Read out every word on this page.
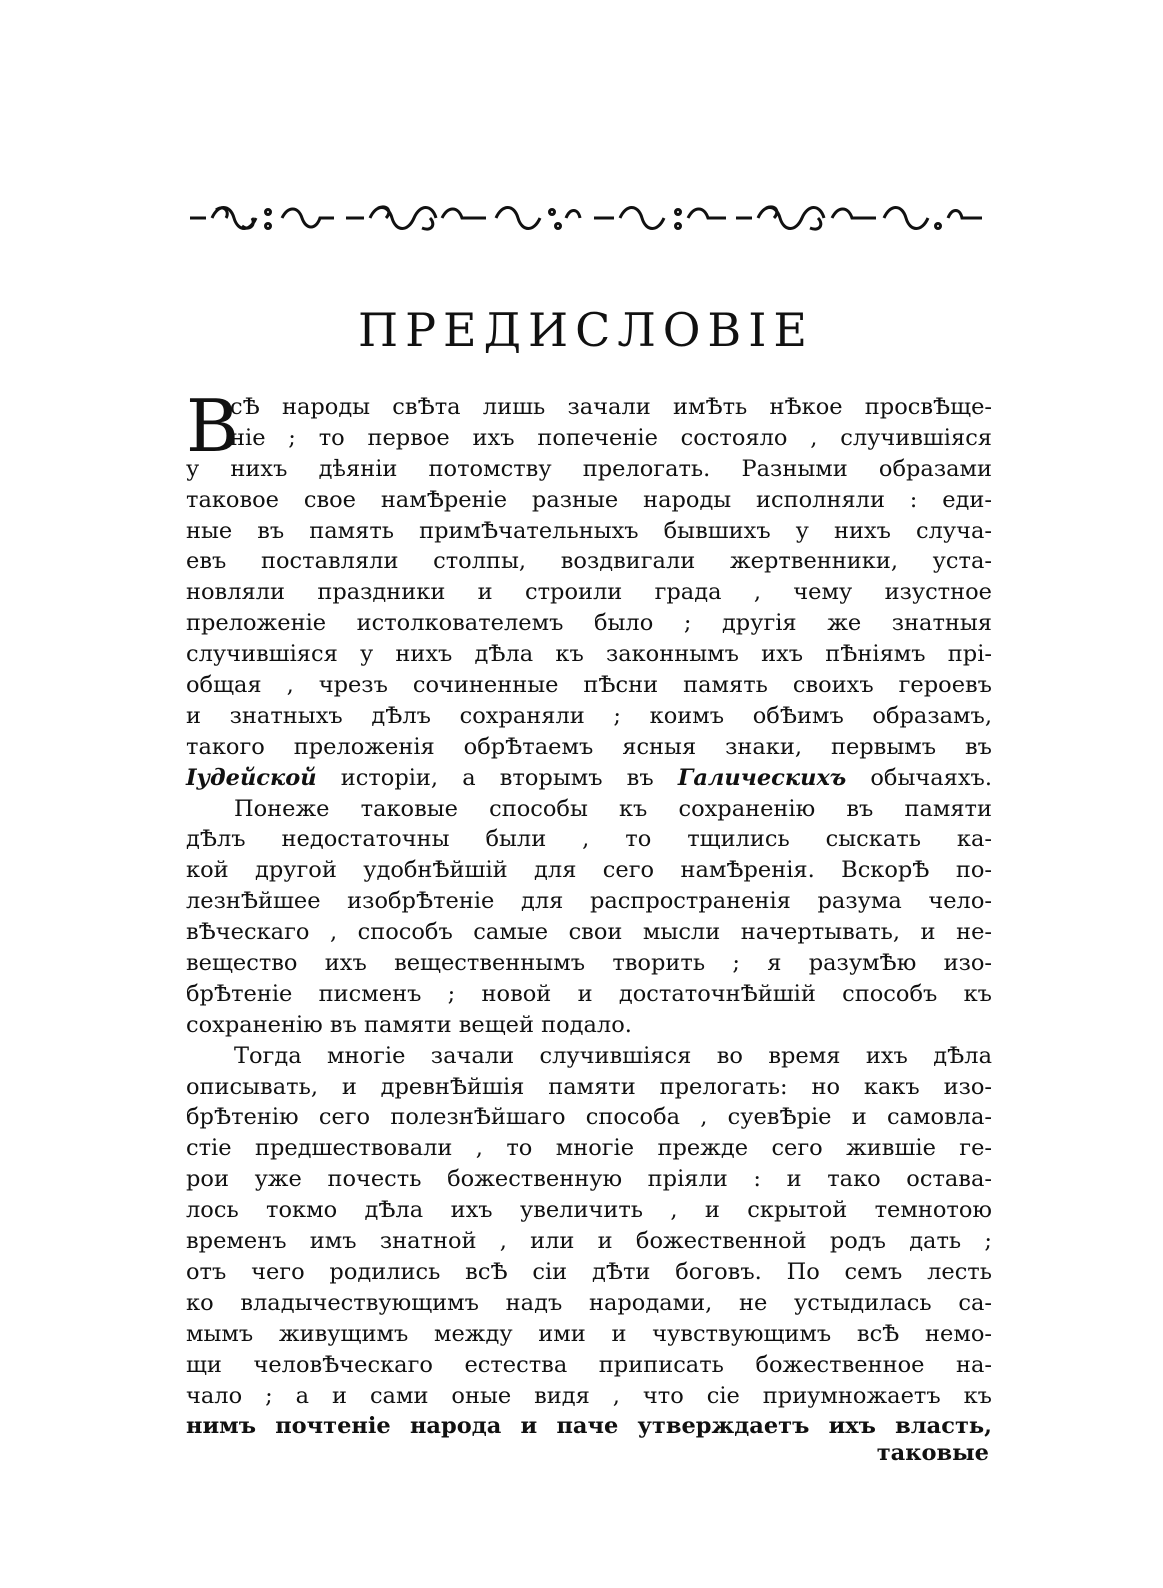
ПРЕДИСЛОВІЕ
В
cѢ народы свѢта лишь зачали имѢть нѢкое просвѢще-
ніе ; то первое ихъ попеченіе состояло , случившіяся
у нихъ дѣяніи потомству прелогать. Разными образами
таковое свое намѢреніе разные народы исполняли : еди-
ные въ память примѢчательныхъ бывшихъ у нихъ случа-
евъ поставляли столпы, воздвигали жертвенники, уста-
новляли праздники и строили града , чему изустное
преложеніе истолкователемъ было ; другія же знатныя
случившіяся у нихъ дѢла къ законнымъ ихъ пѢніямъ прі-
общая , чрезъ сочиненные пѢсни память своихъ героевъ
и знатныхъ дѢлъ сохраняли ; коимъ обѢимъ образамъ,
такого преложенія обрѢтаемъ ясныя знаки, первымъ въ
Іудейской исторіи, а вторымъ въ Галическихъ обычаяхъ.
Понеже таковые способы къ сохраненію въ памяти
дѢлъ недостаточны были , то тщились сыскать ка-
кой другой удобнѢйшій для сего намѢренія. ВскорѢ по-
лезнѢйшее изобрѢтеніе для распространенія разума чело-
вѢческаго , способъ самые свои мысли начертывать, и не-
вещество ихъ вещественнымъ творить ; я разумѢю изо-
брѢтеніе писменъ ; новой и достаточнѢйшій способъ къ
сохраненію въ памяти вещей подало.
Тогда многіе зачали случившіяся во время ихъ дѢла
описывать, и древнѢйшія памяти прелогать: но какъ изо-
брѢтенію сего полезнѢйшаго способа , суевѢріе и самовла-
стіе предшествовали , то многіе прежде сего жившіе ге-
рои уже почесть божественную пріяли : и тако остава-
лось токмо дѢла ихъ увеличить , и скрытой темнотою
временъ имъ знатной , или и божественной родъ дать ;
отъ чего родились всѢ сіи дѢти боговъ. По семъ лесть
ко владычествующимъ надъ народами, не устыдилась са-
мымъ живущимъ между ими и чувствующимъ всѢ немо-
щи человѢческаго естества приписать божественное на-
чало ; а и сами оные видя , что сіе приумножаетъ къ
нимъ почтеніе народа и паче утверждаетъ ихъ власть,
таковые
